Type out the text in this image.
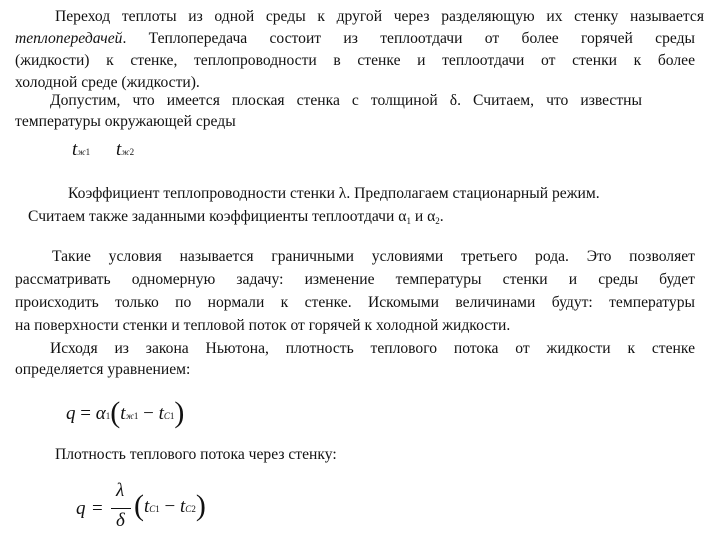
Переход теплоты из одной среды к другой через разделяющую их стенку называется
теплопередачей. Теплопередача состоит из теплоотдачи от более горячей среды
(жидкости) к стенке, теплопроводности в стенке и теплоотдачи от стенки к более
холодной среде (жидкости).
Допустим, что имеется плоская стенка с толщиной δ. Считаем, что известны
температуры окружающей среды
tж1 tж2
Коэффициент теплопроводности стенки λ. Предполагаем стационарный режим.
Считаем также заданными коэффициенты теплоотдачи $\alpha_1$ и $\alpha_2$.
Такие условия называется граничными условиями третьего рода. Это позволяет
рассматривать одномерную задачу: изменение температуры стенки и среды будет
происходить только по нормали к стенке. Искомыми величинами будут: температуры
на поверхности стенки и тепловой поток от горячей к холодной жидкости.
Исходя из закона Ньютона, плотность теплового потока от жидкости к стенке
определяется уравнением:
q = α1(tж1 − tС1)
Плотность теплового потока через стенку:
q =
λ
δ (tС1 − tС2)
